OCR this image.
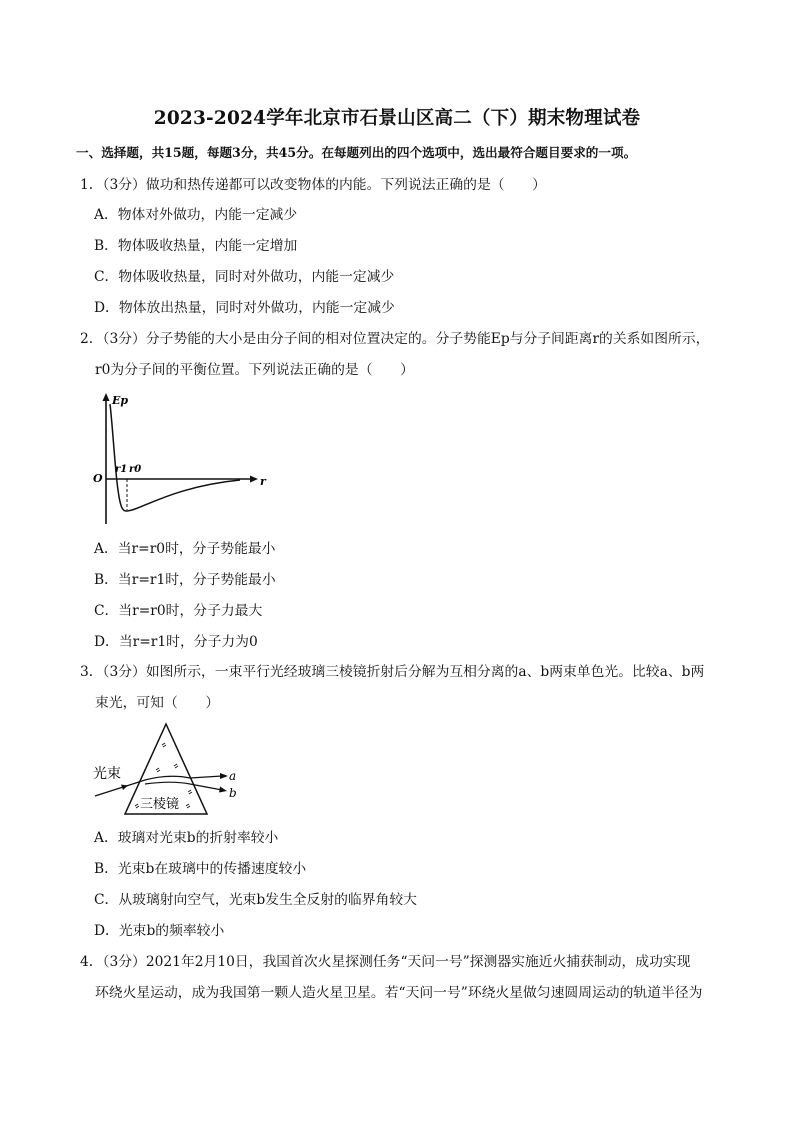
2023-2024学年北京市石景山区高二（下）期末物理试卷
一、选择题，共15题，每题3分，共45分。在每题列出的四个选项中，选出最符合题目要求的一项。
1．（3分）做功和热传递都可以改变物体的内能。下列说法正确的是（　　）
A．物体对外做功，内能一定减少
B．物体吸收热量，内能一定增加
C．物体吸收热量，同时对外做功，内能一定减少
D．物体放出热量，同时对外做功，内能一定减少
2．（3分）分子势能的大小是由分子间的相对位置决定的。分子势能Ep与分子间距离r的关系如图所示，
r0为分子间的平衡位置。下列说法正确的是（　　）
Ep
O
r1 r0
r
A．当r=r0时，分子势能最小
B．当r=r1时，分子势能最小
C．当r=r0时，分子力最大
D．当r=r1时，分子力为0
3．（3分）如图所示，一束平行光经玻璃三棱镜折射后分解为互相分离的a、b两束单色光。比较a、b两
束光，可知（　　）
光束
三棱镜
a
b
A．玻璃对光束b的折射率较小
B．光束b在玻璃中的传播速度较小
C．从玻璃射向空气，光束b发生全反射的临界角较大
D．光束b的频率较小
4．（3分）2021年2月10日，我国首次火星探测任务“天问一号”探测器实施近火捕获制动，成功实现
环绕火星运动，成为我国第一颗人造火星卫星。若“天问一号”环绕火星做匀速圆周运动的轨道半径为
